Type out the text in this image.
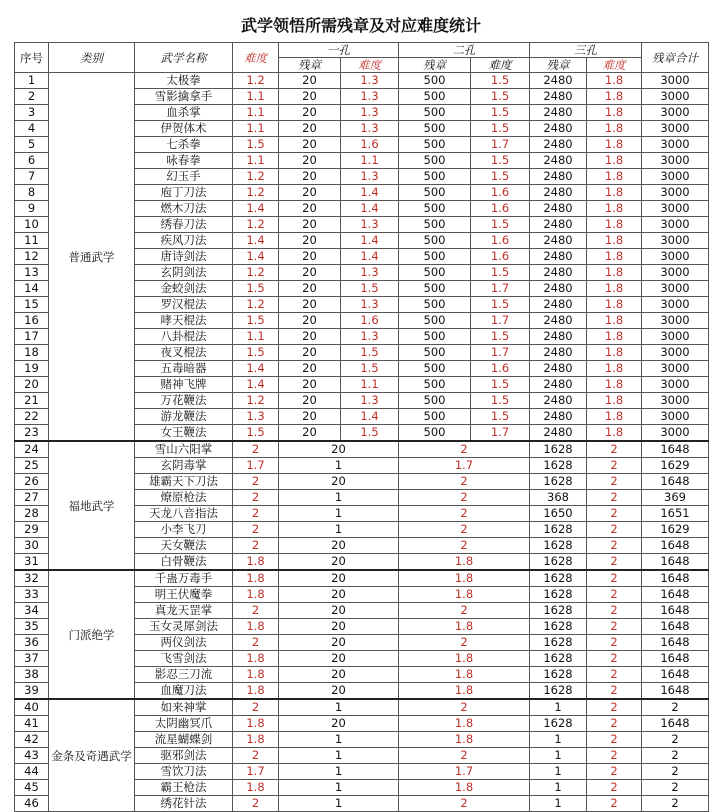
武学领悟所需残章及对应难度统计
序号	类别	武学名称	难度	一孔		二孔		三孔		残章合计
				残章	难度	残章	难度	残章	难度	
1	普通武学	太极拳	1.2	20	1.3	500	1.5	2480	1.8	3000
2		雪影擒拿手	1.1	20	1.3	500	1.5	2480	1.8	3000
3		血杀掌	1.1	20	1.3	500	1.5	2480	1.8	3000
4		伊贺体术	1.1	20	1.3	500	1.5	2480	1.8	3000
5		七杀拳	1.5	20	1.6	500	1.7	2480	1.8	3000
6		咏春拳	1.1	20	1.1	500	1.5	2480	1.8	3000
7		幻玉手	1.2	20	1.3	500	1.5	2480	1.8	3000
8		庖丁刀法	1.2	20	1.4	500	1.6	2480	1.8	3000
9		燃木刀法	1.4	20	1.4	500	1.6	2480	1.8	3000
10		绣春刀法	1.2	20	1.3	500	1.5	2480	1.8	3000
11		疾风刀法	1.4	20	1.4	500	1.6	2480	1.8	3000
12		唐诗剑法	1.4	20	1.4	500	1.6	2480	1.8	3000
13		玄阴剑法	1.2	20	1.3	500	1.5	2480	1.8	3000
14		金蛟剑法	1.5	20	1.5	500	1.7	2480	1.8	3000
15		罗汉棍法	1.2	20	1.3	500	1.5	2480	1.8	3000
16		哮天棍法	1.5	20	1.6	500	1.7	2480	1.8	3000
17		八卦棍法	1.1	20	1.3	500	1.5	2480	1.8	3000
18		夜叉棍法	1.5	20	1.5	500	1.7	2480	1.8	3000
19		五毒暗器	1.4	20	1.5	500	1.6	2480	1.8	3000
20		赌神飞牌	1.4	20	1.1	500	1.5	2480	1.8	3000
21		万花鞭法	1.2	20	1.3	500	1.5	2480	1.8	3000
22		游龙鞭法	1.3	20	1.4	500	1.5	2480	1.8	3000
23		女王鞭法	1.5	20	1.5	500	1.7	2480	1.8	3000
24	福地武学	雪山六阳掌	2	20		2		1628	2	1648
25		玄阴毒掌	1.7	1		1.7		1628	2	1629
26		雄霸天下刀法	2	20		2		1628	2	1648
27		燎原枪法	2	1		2		368	2	369
28		天龙八音指法	2	1		2		1650	2	1651
29		小李飞刀	2	1		2		1628	2	1629
30		天女鞭法	2	20		2		1628	2	1648
31		白骨鞭法	1.8	20		1.8		1628	2	1648
32	门派绝学	千蛊万毒手	1.8	20		1.8		1628	2	1648
33		明王伏魔拳	1.8	20		1.8		1628	2	1648
34		真龙天罡掌	2	20		2		1628	2	1648
35		玉女灵犀剑法	1.8	20		1.8		1628	2	1648
36		两仪剑法	2	20		2		1628	2	1648
37		飞雪剑法	1.8	20		1.8		1628	2	1648
38		影忍三刀流	1.8	20		1.8		1628	2	1648
39		血魔刀法	1.8	20		1.8		1628	2	1648
40	金条及奇遇武学	如来神掌	2	1		2		1	2	2
41		太阴幽冥爪	1.8	20		1.8		1628	2	1648
42		流星蝴蝶剑	1.8	1		1.8		1	2	2
43		驱邪剑法	2	1		2		1	2	2
44		雪饮刀法	1.7	1		1.7		1	2	2
45		霸王枪法	1.8	1		1.8		1	2	2
46		绣花针法	2	1		2		1	2	2
